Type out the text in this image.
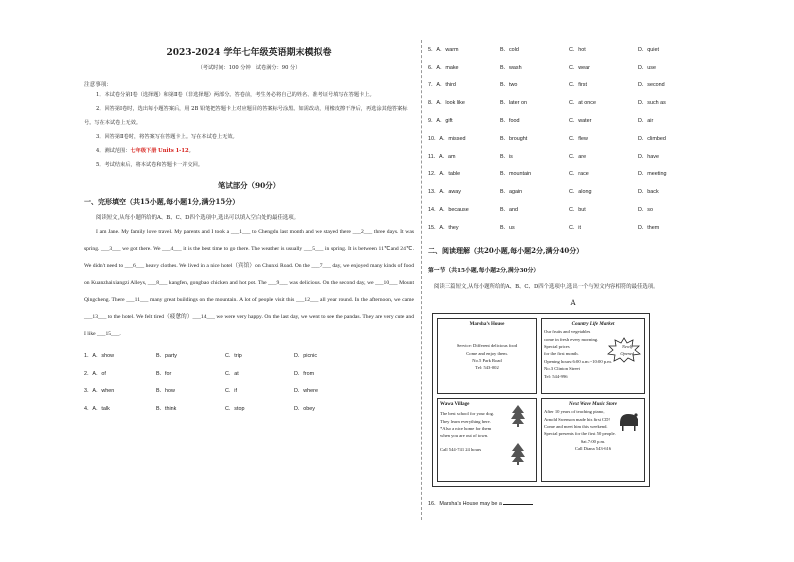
2023-2024 学年七年级英语期末模拟卷
（考试时间：100 分钟　试卷满分：90 分）
注意事项：
1．本试卷分第Ⅰ卷（选择题）和第Ⅱ卷（非选择题）两部分。答卷前，考生务必将自己的姓名、准考证号填写在答题卡上。
2．回答第Ⅰ卷时，选出每小题答案后，用 2B 铅笔把答题卡上对应题目的答案标号涂黑。如需改动，用橡皮擦干净后，再选涂其他答案标号。写在本试卷上无效。
3．回答第Ⅱ卷时，将答案写在答题卡上。写在本试卷上无效。
4．测试范围：七年级下册 Units 1-12。
5．考试结束后，将本试卷和答题卡一并交回。
笔试部分（90分）
一、完形填空（共15小题,每小题1分,满分15分）
阅读短文,从每小题所给的A、B、C、D四个选项中,选出可以填入空白处的最佳选项。
I am Jane. My family love travel. My parents and I took a ___1___ to Chengdu last month and we stayed there ___2___ three days. It was spring. ___3___ we got there. We ___4___ it is the best time to go there. The weather is usually ___5___ in spring. It is between 11℃and 24℃. We didn't need to ___6___ heavy clothes. We lived in a nice hotel（宾馆）on Chunxi Road. On the ___7___ day, we enjoyed many kinds of food on Kuanzhaixiangzi Alleys, ___8___ kangfen, gongbao chicken and hot pot. The ___9___ was delicious. On the second day, we ___10___ Mount Qingcheng. There ___11___ many great buildings on the mountain. A lot of people visit this ___12___ all year round. In the afternoon, we came ___13___ to the hotel. We felt tired（疲惫的）___14___ we were very happy. On the last day, we went to see the pandas. They are very cute and I like ___15___.
1．A．show	B．party	C．trip	D．picnic
2．A．of	B．for	C．at	D．from
3．A．when	B．how	C．if	D．where
4．A．talk	B．think	C．stop	D．obey
5．A．warm	B．cold	C．hot	D．quiet
6．A．make	B．wash	C．wear	D．use
7．A．third	B．two	C．first	D．second
8．A．look like	B．later on	C．at once	D．such as
9．A．gift	B．food	C．water	D．air
10．A．missed	B．brought	C．flew	D．climbed
11．A．am	B．is	C．are	D．have
12．A．table	B．mountain	C．race	D．meeting
13．A．away	B．again	C．along	D．back
14．A．because	B．and	C．but	D．so
15．A．they	B．us	C．it	D．them
二、阅读理解（共20小题,每小题2分,满分40分）
第一节（共15小题,每小题2分,满分30分）
阅读三篇短文,从每小题所给的A、B、C、D四个选项中,选出一个与短文内容相符的最佳选项。
A
Marsha’s House
Service: Different delicious food
Come and enjoy them.
No.5 Park Road
Tel: 543-002
Country Life Market
Our fruits and vegetables
come in fresh every morning.
Special prices
for the first month.
Opening hours:6:00 a.m.~10:00 p.m.
No.3 Clinton Street
Tel: 544-996
Newly
Opened
Wawa Village
The best school for your dog.
They learn everything here.
*Also a nice home for them
when you are out of town.
Call 544-741 24 hours
Next Wave Music Store
After 10 years of teaching piano,
Arnold Swenson made his first CD!
Come and meet him this weekend.
Special presents for the first 50 people.
Sat.7:00 p.m.
Call Diana 543-616
16．Marsha’s House may be a
